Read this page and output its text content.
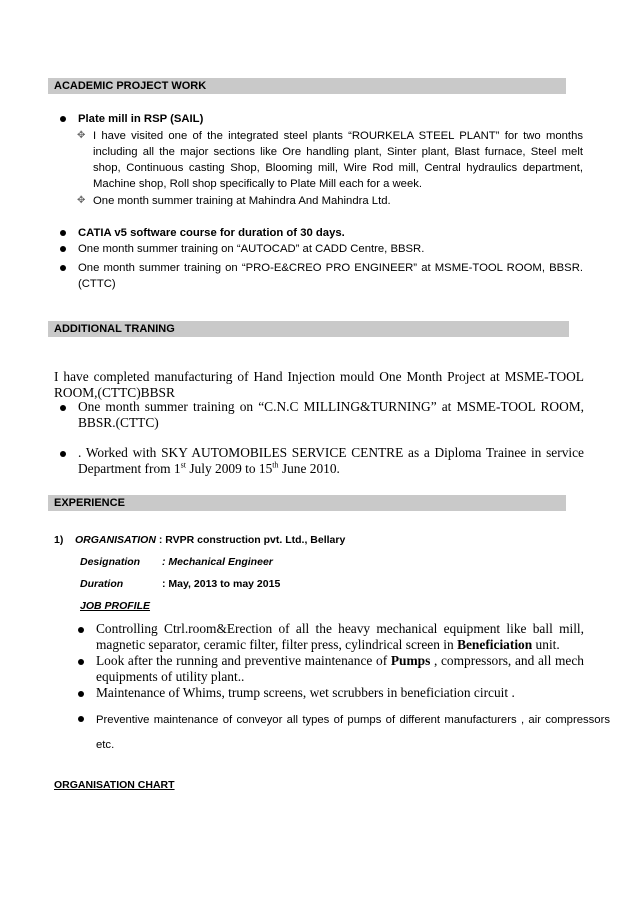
ACADEMIC PROJECT WORK
Plate mill in RSP (SAIL)
✥ I have visited one of the integrated steel plants “ROURKELA STEEL PLANT” for two months including all the major sections like Ore handling plant, Sinter plant, Blast furnace, Steel melt shop, Continuous casting Shop, Blooming mill, Wire Rod mill, Central hydraulics department, Machine shop, Roll shop specifically to Plate Mill each for a week.
✥ One month summer training at Mahindra And Mahindra Ltd.
CATIA v5 software course for duration of 30 days.
One month summer training on “AUTOCAD” at CADD Centre, BBSR.
One month summer training on “PRO-E&CREO PRO ENGINEER” at MSME-TOOL ROOM, BBSR. (CTTC)
ADDITIONAL TRANING
I have completed manufacturing of Hand Injection mould One Month Project at MSME-TOOL ROOM,(CTTC)BBSR
One month summer training on “C.N.C MILLING&TURNING” at MSME-TOOL ROOM, BBSR.(CTTC)
. Worked with SKY AUTOMOBILES SERVICE CENTRE as a Diploma Trainee in service Department from 1st July 2009 to 15th June 2010.
EXPERIENCE
1) ORGANISATION : RVPR construction pvt. Ltd., Bellary
Designation : Mechanical Engineer
Duration	: May, 2013 to may 2015
JOB PROFILE
Controlling Ctrl.room&Erection of all the heavy mechanical equipment like ball mill, magnetic separator, ceramic filter, filter press, cylindrical screen in Beneficiation unit.
Look after the running and preventive maintenance of Pumps , compressors, and all mech equipments of utility plant..
Maintenance of Whims, trump screens, wet scrubbers in beneficiation circuit .
Preventive maintenance of conveyor all types of pumps of different manufacturers , air compressors etc.
ORGANISATION CHART
